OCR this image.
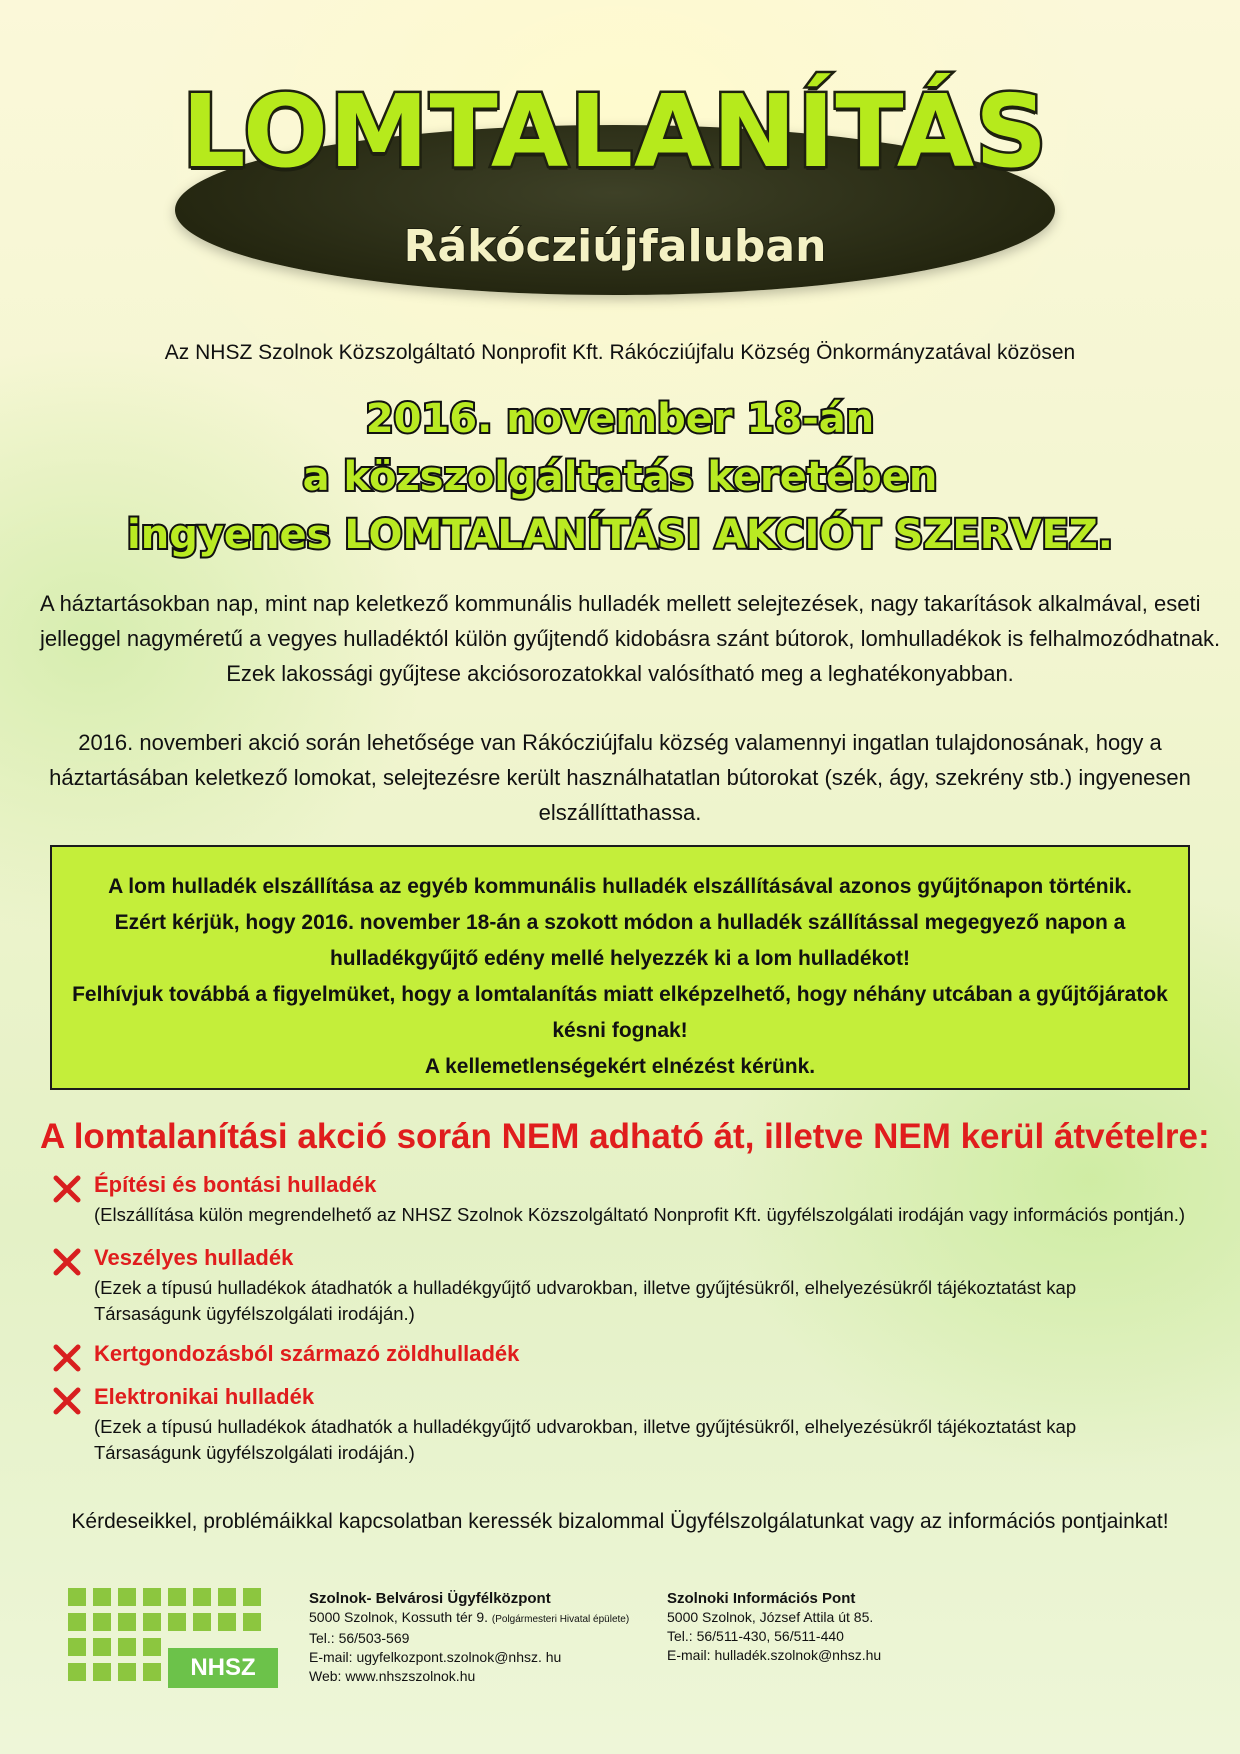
LOMTALANÍTÁS
Rákócziújfaluban
Az NHSZ Szolnok Közszolgáltató Nonprofit Kft. Rákócziújfalu Község Önkormányzatával közösen
2016. november 18-án
a közszolgáltatás keretében
ingyenes LOMTALANÍTÁSI AKCIÓT SZERVEZ.
A háztartásokban nap, mint nap keletkező kommunális hulladék mellett selejtezések, nagy takarítások alkalmával, eseti
jelleggel nagyméretű a vegyes hulladéktól külön gyűjtendő kidobásra szánt bútorok, lomhulladékok is felhalmozódhatnak.
Ezek lakossági gyűjtese akciósorozatokkal valósítható meg a leghatékonyabban.
2016. novemberi akció során lehetősége van Rákócziújfalu község valamennyi ingatlan tulajdonosának, hogy a
háztartásában keletkező lomokat, selejtezésre került használhatatlan bútorokat (szék, ágy, szekrény stb.) ingyenesen
elszállíttathassa.
A lom hulladék elszállítása az egyéb kommunális hulladék elszállításával azonos gyűjtőnapon történik.
Ezért kérjük, hogy 2016. november 18-án a szokott módon a hulladék szállítással megegyező napon a
hulladékgyűjtő edény mellé helyezzék ki a lom hulladékot!
Felhívjuk továbbá a figyelmüket, hogy a lomtalanítás miatt elképzelhető, hogy néhány utcában a gyűjtőjáratok
késni fognak!
A kellemetlenségekért elnézést kérünk.
A lomtalanítási akció során NEM adható át, illetve NEM kerül átvételre:
Építési és bontási hulladék
(Elszállítása külön megrendelhető az NHSZ Szolnok Közszolgáltató Nonprofit Kft. ügyfélszolgálati irodáján vagy információs pontján.)
Veszélyes hulladék
(Ezek a típusú hulladékok átadhatók a hulladékgyűjtő udvarokban, illetve gyűjtésükről, elhelyezésükről tájékoztatást kap
Társaságunk ügyfélszolgálati irodáján.)
Kertgondozásból származó zöldhulladék
Elektronikai hulladék
(Ezek a típusú hulladékok átadhatók a hulladékgyűjtő udvarokban, illetve gyűjtésükről, elhelyezésükről tájékoztatást kap
Társaságunk ügyfélszolgálati irodáján.)
Kérdeseikkel, problémáikkal kapcsolatban keressék bizalommal Ügyfélszolgálatunkat vagy az információs pontjainkat!
NHSZ
Szolnok- Belvárosi Ügyfélközpont
5000 Szolnok, Kossuth tér 9. (Polgármesteri Hivatal épülete)
Tel.: 56/503-569
E-mail: ugyfelkozpont.szolnok@nhsz. hu
Web: www.nhszszolnok.hu
Szolnoki Információs Pont
5000 Szolnok, József Attila út 85.
Tel.: 56/511-430, 56/511-440
E-mail: hulladék.szolnok@nhsz.hu
